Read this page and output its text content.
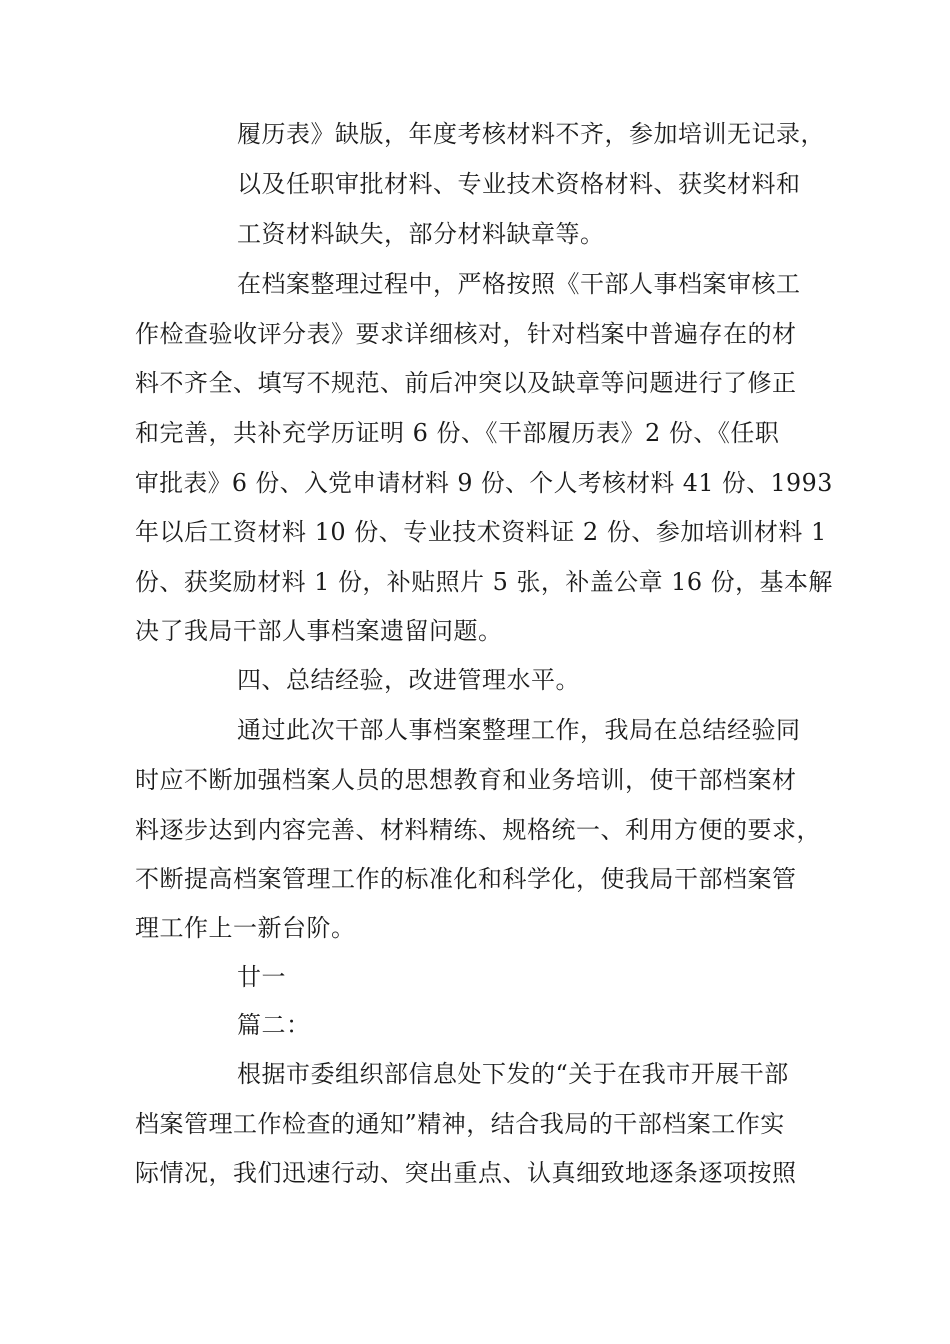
履历表》缺版，年度考核材料不齐，参加培训无记录，
以及任职审批材料、专业技术资格材料、获奖材料和
工资材料缺失，部分材料缺章等。
在档案整理过程中，严格按照《干部人事档案审核工
作检查验收评分表》要求详细核对，针对档案中普遍存在的材
料不齐全、填写不规范、前后冲突以及缺章等问题进行了修正
和完善，共补充学历证明 6 份、《干部履历表》2 份、《任职
审批表》6 份、入党申请材料 9 份、个人考核材料 41 份、1993
年以后工资材料 10 份、专业技术资料证 2 份、参加培训材料 1
份、获奖励材料 1 份，补贴照片 5 张，补盖公章 16 份，基本解
决了我局干部人事档案遗留问题。
四、总结经验，改进管理水平。
通过此次干部人事档案整理工作，我局在总结经验同
时应不断加强档案人员的思想教育和业务培训，使干部档案材
料逐步达到内容完善、材料精练、规格统一、利用方便的要求，
不断提高档案管理工作的标准化和科学化，使我局干部档案管
理工作上一新台阶。
廿一
篇二：
根据市委组织部信息处下发的“关于在我市开展干部
档案管理工作检查的通知”精神，结合我局的干部档案工作实
际情况，我们迅速行动、突出重点、认真细致地逐条逐项按照
